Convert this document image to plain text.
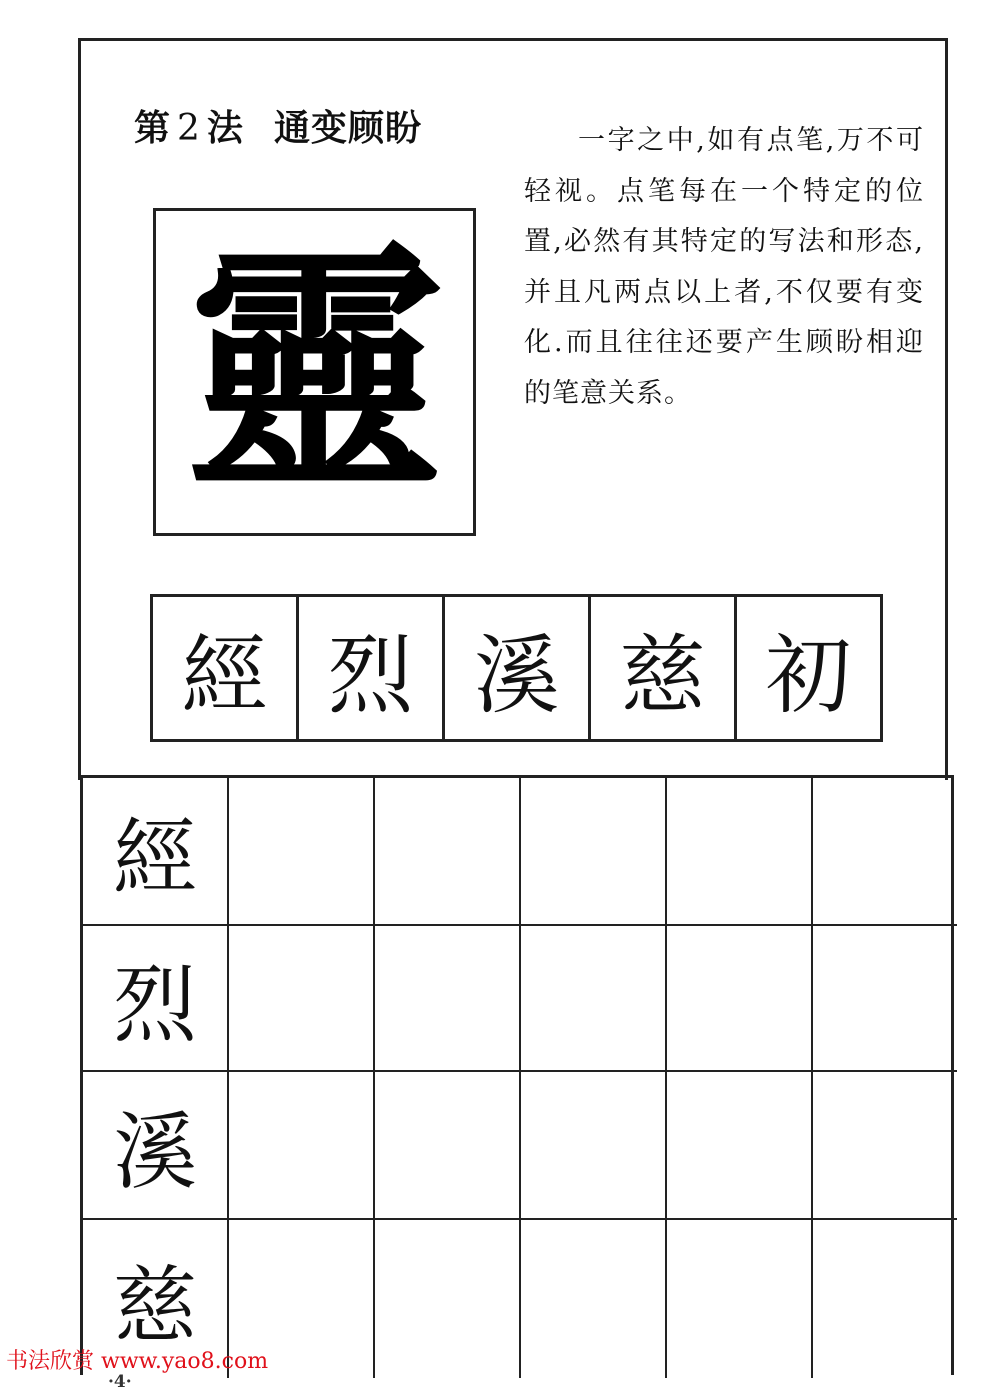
第 2 法 通变顾盼	一字之中,如有点笔,万不可轻视。点笔每在一个特定的位置,必然有其特定的写法和形态,并且凡两点以上者,不仅要有变化.而且往往还要产生顾盼相迎的笔意关系。

靈
經 烈 溪 慈 初
經
烈
溪
慈
书法欣赏 www.yao8.com
·4·
